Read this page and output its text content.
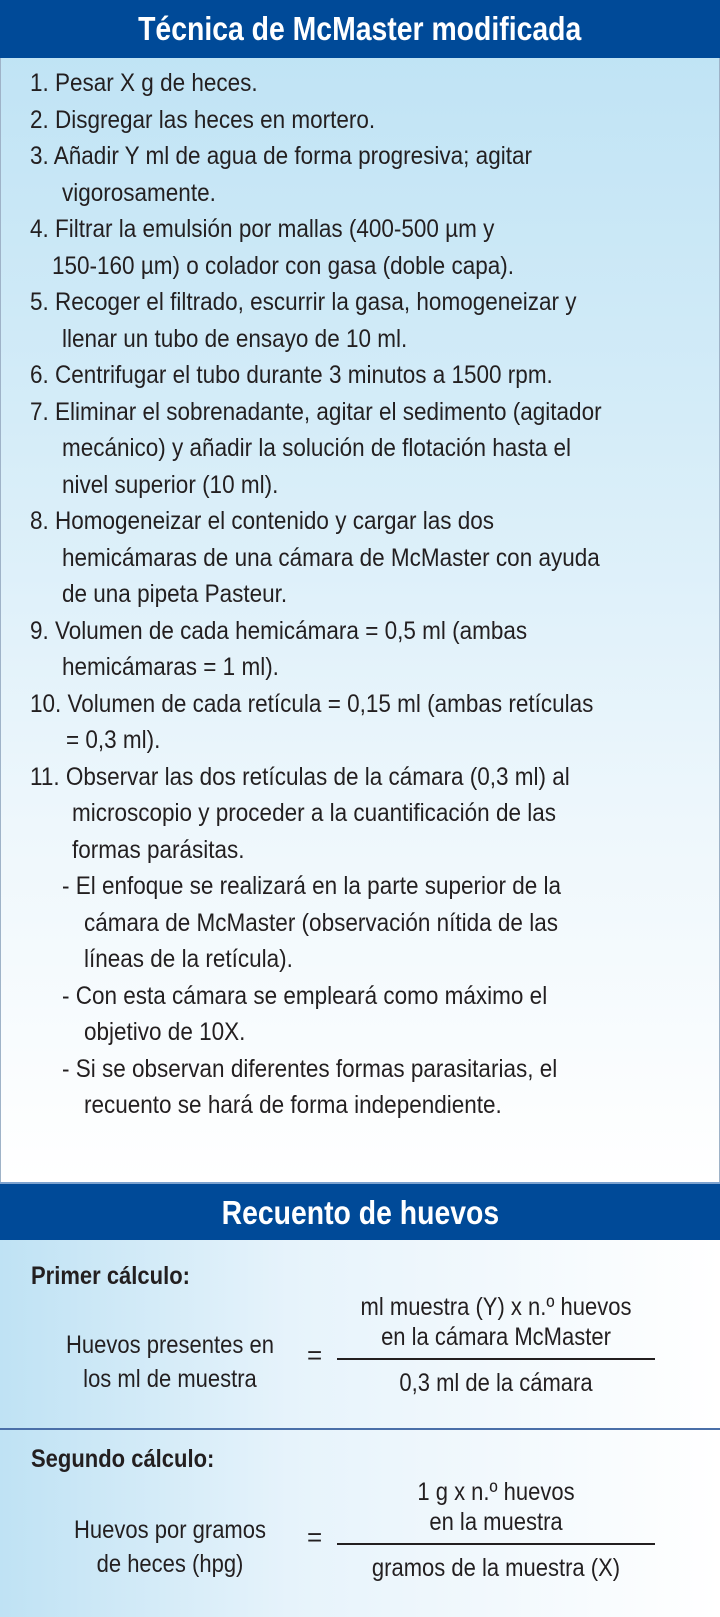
Técnica de McMaster modificada
1. Pesar X g de heces.
2. Disgregar las heces en mortero.
3. Añadir Y ml de agua de forma progresiva; agitar
vigorosamente.
4. Filtrar la emulsión por mallas (400-500 µm y
150-160 µm) o colador con gasa (doble capa).
5. Recoger el filtrado, escurrir la gasa, homogeneizar y
llenar un tubo de ensayo de 10 ml.
6. Centrifugar el tubo durante 3 minutos a 1500 rpm.
7. Eliminar el sobrenadante, agitar el sedimento (agitador
mecánico) y añadir la solución de flotación hasta el
nivel superior (10 ml).
8. Homogeneizar el contenido y cargar las dos
hemicámaras de una cámara de McMaster con ayuda
de una pipeta Pasteur.
9. Volumen de cada hemicámara = 0,5 ml (ambas
hemicámaras = 1 ml).
10. Volumen de cada retícula = 0,15 ml (ambas retículas
= 0,3 ml).
11. Observar las dos retículas de la cámara (0,3 ml) al
microscopio y proceder a la cuantificación de las
formas parásitas.
- El enfoque se realizará en la parte superior de la
cámara de McMaster (observación nítida de las
líneas de la retícula).
- Con esta cámara se empleará como máximo el
objetivo de 10X.
- Si se observan diferentes formas parasitarias, el
recuento se hará de forma independiente.
Recuento de huevos
Primer cálculo:
Huevos presentes en
los ml de muestra
=
ml muestra (Y) x n.º huevos
en la cámara McMaster
0,3 ml de la cámara
Segundo cálculo:
Huevos por gramos
de heces (hpg)
=
1 g x n.º huevos
en la muestra
gramos de la muestra (X)
